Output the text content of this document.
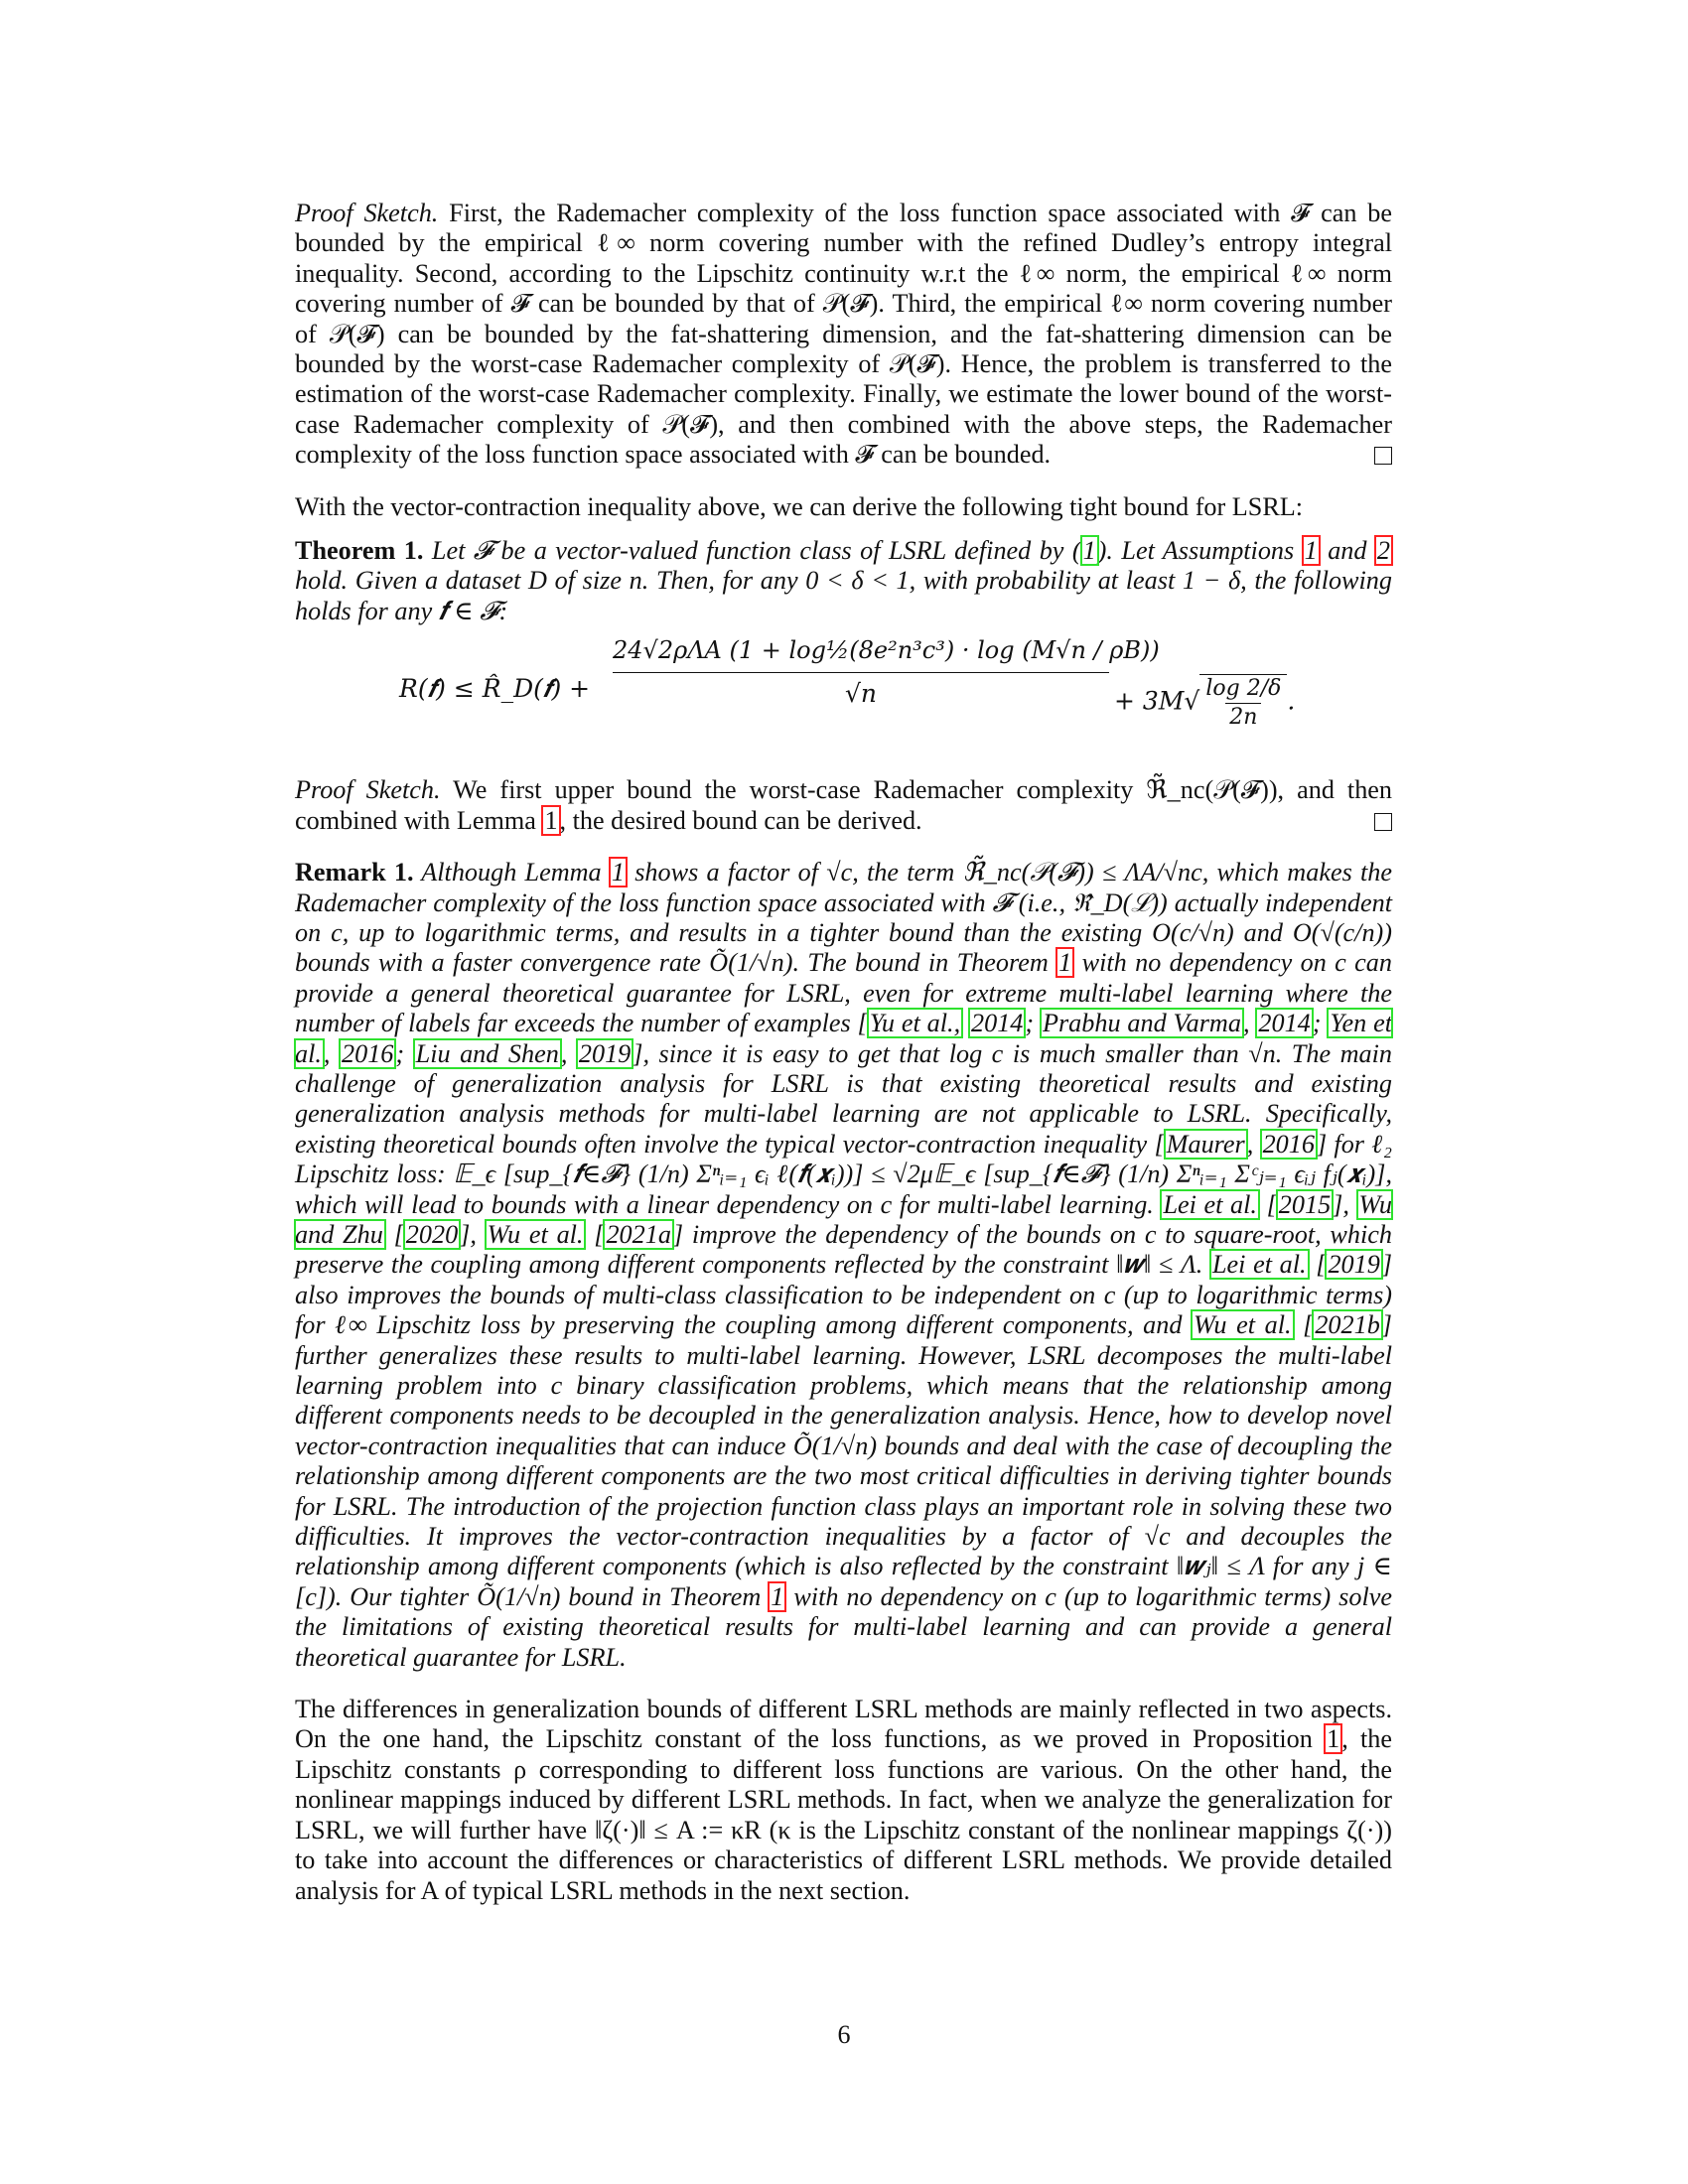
Proof Sketch. First, the Rademacher complexity of the loss function space associated with 𝓕 can be bounded by the empirical ℓ∞ norm covering number with the refined Dudley’s entropy integral inequality. Second, according to the Lipschitz continuity w.r.t the ℓ∞ norm, the empirical ℓ∞ norm covering number of 𝓕 can be bounded by that of 𝒫(𝓕). Third, the empirical ℓ∞ norm covering number of 𝒫(𝓕) can be bounded by the fat-shattering dimension, and the fat-shattering dimension can be bounded by the worst-case Rademacher complexity of 𝒫(𝓕). Hence, the problem is transferred to the estimation of the worst-case Rademacher complexity. Finally, we estimate the lower bound of the worst-case Rademacher complexity of 𝒫(𝓕), and then combined with the above steps, the Rademacher complexity of the loss function space associated with 𝓕 can be bounded.

With the vector-contraction inequality above, we can derive the following tight bound for LSRL:

Theorem 1. Let 𝓕 be a vector-valued function class of LSRL defined by (1). Let Assumptions 1 and 2 hold. Given a dataset D of size n. Then, for any 0 < δ < 1, with probability at least 1 − δ, the following holds for any 𝒇 ∈ 𝓕:

R(𝒇) ≤ R̂_D(𝒇) +
24√2ρΛA (1 + log½(8e²n³c³) · log (M√n / ρB))
√n	+ $3M√\frac{\log 2/\delta}{2n}$.

Proof Sketch. We first upper bound the worst-case Rademacher complexity ℜ̃_nc(𝒫(𝓕)), and then combined with Lemma 1, the desired bound can be derived.

Remark 1. Although Lemma 1 shows a factor of √c, the term ℜ̃_nc(𝒫(𝓕)) ≤ ΛA/√nc, which makes the Rademacher complexity of the loss function space associated with 𝓕 (i.e., ℜ̂_D(ℒ)) actually independent on c, up to logarithmic terms, and results in a tighter bound than the existing O(c/√n) and O(√(c/n)) bounds with a faster convergence rate Õ(1/√n). The bound in Theorem 1 with no dependency on c can provide a general theoretical guarantee for LSRL, even for extreme multi-label learning where the number of labels far exceeds the number of examples [Yu et al., 2014; Prabhu and Varma, 2014; Yen et al., 2016; Liu and Shen, 2019], since it is easy to get that log c is much smaller than √n. The main challenge of generalization analysis for LSRL is that existing theoretical results and existing generalization analysis methods for multi-label learning are not applicable to LSRL. Specifically, existing theoretical bounds often involve the typical vector-contraction inequality [Maurer, 2016] for ℓ₂ Lipschitz loss: 𝔼_ϵ [sup_{𝒇∈𝓕} (1/n) Σⁿᵢ₌₁ ϵᵢ ℓ(𝒇(𝒙ᵢ))] ≤ √2μ𝔼_ϵ [sup_{𝒇∈𝓕} (1/n) Σⁿᵢ₌₁ Σᶜⱼ₌₁ ϵᵢⱼ fⱼ(𝒙ᵢ)], which will lead to bounds with a linear dependency on c for multi-label learning. Lei et al. [2015], Wu and Zhu [2020], Wu et al. [2021a] improve the dependency of the bounds on c to square-root, which preserve the coupling among different components reflected by the constraint ‖𝒘‖ ≤ Λ. Lei et al. [2019] also improves the bounds of multi-class classification to be independent on c (up to logarithmic terms) for ℓ∞ Lipschitz loss by preserving the coupling among different components, and Wu et al. [2021b] further generalizes these results to multi-label learning. However, LSRL decomposes the multi-label learning problem into c binary classification problems, which means that the relationship among different components needs to be decoupled in the generalization analysis. Hence, how to develop novel vector-contraction inequalities that can induce Õ(1/√n) bounds and deal with the case of decoupling the relationship among different components are the two most critical difficulties in deriving tighter bounds for LSRL. The introduction of the projection function class plays an important role in solving these two difficulties. It improves the vector-contraction inequalities by a factor of √c and decouples the relationship among different components (which is also reflected by the constraint ‖𝒘ⱼ‖ ≤ Λ for any j ∈ [c]). Our tighter Õ(1/√n) bound in Theorem 1 with no dependency on c (up to logarithmic terms) solve the limitations of existing theoretical results for multi-label learning and can provide a general theoretical guarantee for LSRL.

The differences in generalization bounds of different LSRL methods are mainly reflected in two aspects. On the one hand, the Lipschitz constant of the loss functions, as we proved in Proposition 1, the Lipschitz constants ρ corresponding to different loss functions are various. On the other hand, the nonlinear mappings induced by different LSRL methods. In fact, when we analyze the generalization for LSRL, we will further have ‖ζ(·)‖ ≤ A := κR (κ is the Lipschitz constant of the nonlinear mappings ζ(·)) to take into account the differences or characteristics of different LSRL methods. We provide detailed analysis for A of typical LSRL methods in the next section.

6
